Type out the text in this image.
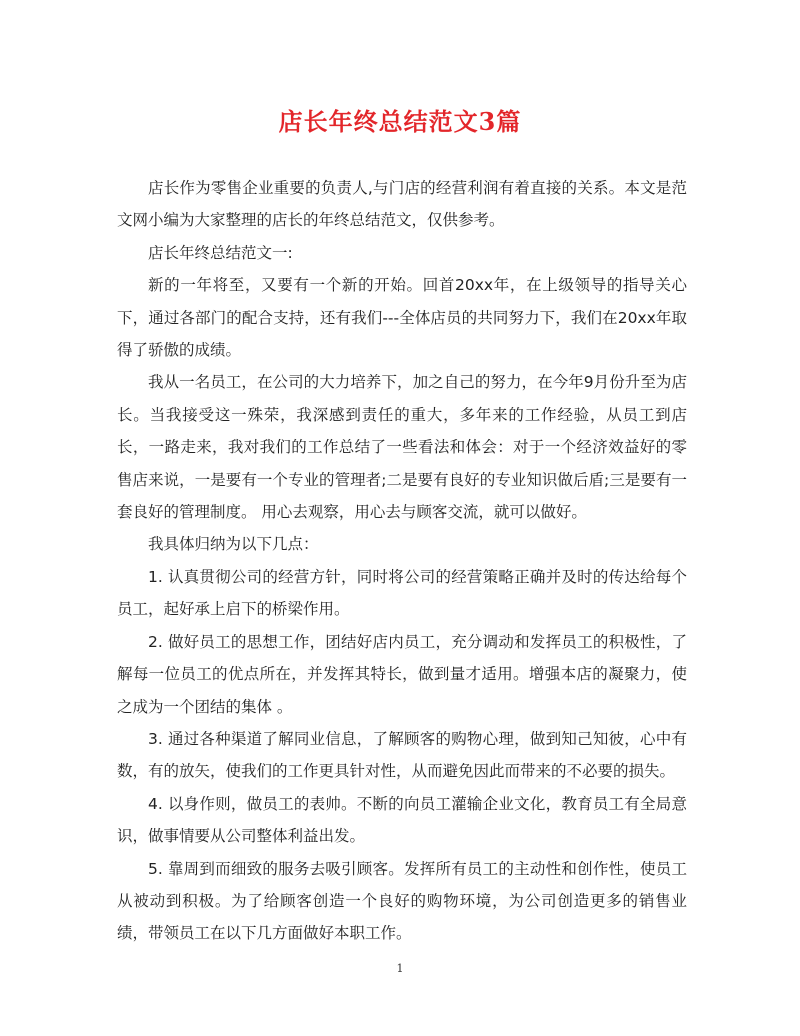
店长年终总结范文3篇

店长作为零售企业重要的负责人,与门店的经营利润有着直接的关系。本文是范文网小编为大家整理的店长的年终总结范文，仅供参考。

店长年终总结范文一:

新的一年将至，又要有一个新的开始。回首20xx年，在上级领导的指导关心下，通过各部门的配合支持，还有我们---全体店员的共同努力下，我们在20xx年取得了骄傲的成绩。

我从一名员工，在公司的大力培养下，加之自己的努力，在今年9月份升至为店长。当我接受这一殊荣，我深感到责任的重大，多年来的工作经验，从员工到店长，一路走来，我对我们的工作总结了一些看法和体会：对于一个经济效益好的零售店来说，一是要有一个专业的管理者;二是要有良好的专业知识做后盾;三是要有一套良好的管理制度。 用心去观察，用心去与顾客交流，就可以做好。

我具体归纳为以下几点：

1. 认真贯彻公司的经营方针，同时将公司的经营策略正确并及时的传达给每个员工，起好承上启下的桥梁作用。

2. 做好员工的思想工作，团结好店内员工，充分调动和发挥员工的积极性，了解每一位员工的优点所在，并发挥其特长，做到量才适用。增强本店的凝聚力，使之成为一个团结的集体 。

3. 通过各种渠道了解同业信息，了解顾客的购物心理，做到知己知彼，心中有数，有的放矢，使我们的工作更具针对性，从而避免因此而带来的不必要的损失。

4. 以身作则，做员工的表帅。不断的向员工灌输企业文化，教育员工有全局意识，做事情要从公司整体利益出发。

5. 靠周到而细致的服务去吸引顾客。发挥所有员工的主动性和创作性，使员工从被动到积极。为了给顾客创造一个良好的购物环境，为公司创造更多的销售业绩，带领员工在以下几方面做好本职工作。

1
